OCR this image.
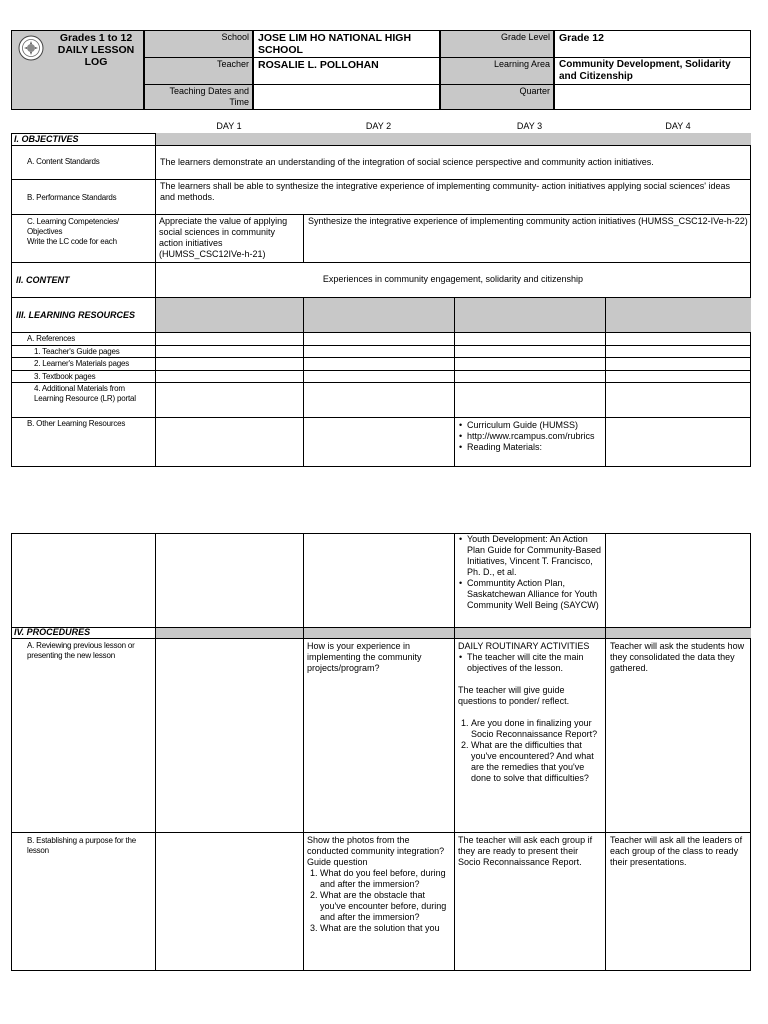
Grades 1 to 12
DAILY LESSON
LOG
School JOSE LIM HO NATIONAL HIGH SCHOOL
Teacher ROSALIE L. POLLOHAN
Teaching Dates and Time
Grade Level Grade 12
Learning Area Community Development, Solidarity and Citizenship
Quarter
DAY 1	DAY 2	DAY 3	DAY 4
I. OBJECTIVES
A. Content Standards	The learners demonstrate an understanding of the integration of social science perspective and community action initiatives.
B. Performance Standards
The learners shall be able to synthesize the integrative experience of implementing community- action initiatives applying social sciences' ideas and methods.
C. Learning Competencies/ Objectives
Write the LC code for each
Appreciate the value of applying social sciences in community action initiatives (HUMSS_CSC12IVe-h-21)
Synthesize the integrative experience of implementing community action initiatives (HUMSS_CSC12-IVe-h-22)
II. CONTENT	Experiences in community engagement, solidarity and citizenship
III. LEARNING RESOURCES
A. References
1. Teacher's Guide pages
2. Learner's Materials pages
3. Textbook pages
4. Additional Materials from Learning Resource (LR) portal
B. Other Learning Resources
•	Curriculum Guide (HUMSS)
• http://www.rcampus.com/rubrics
• Reading Materials:
• Youth Development: An Action Plan Guide for Community-Based Initiatives, Vincent T. Francisco, Ph. D., et al.
• Communtity Action Plan, Saskatchewan Alliance for Youth Community Well Being (SAYCW)
IV. PROCEDURES
A. Reviewing previous lesson or presenting the new lesson
How is your experience in implementing the community projects/program?
DAILY ROUTINARY ACTIVITIES
• The teacher will cite the main objectives of the lesson.
The teacher will give guide questions to ponder/ reflect.
1. Are you done in finalizing your Socio Reconnaissance Report?
2. What are the difficulties that you've encountered? And what are the remedies that you've done to solve that difficulties?
Teacher will ask the students how they consolidated the data they gathered.
B. Establishing a purpose for the lesson
Show the photos from the conducted community integration?
Guide question
1. What do you feel before, during and after the immersion?
2. What are the obstacle that you've encounter before, during and after the immersion?
3. What are the solution that you
The teacher will ask each group if they are ready to present their Socio Reconnaissance Report.
Teacher will ask all the leaders of each group of the class to ready their presentations.
